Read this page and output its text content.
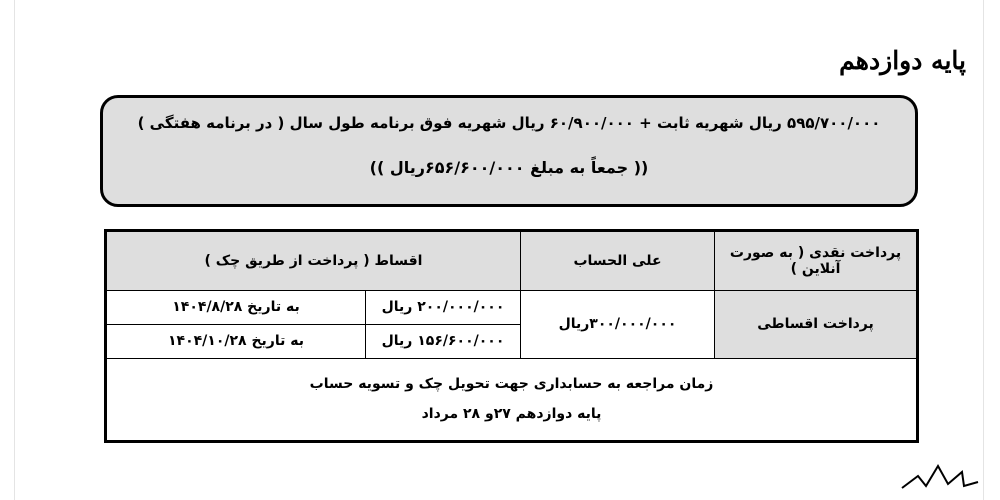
پایه دوازدهم
۵۹۵/۷۰۰/۰۰۰ ریال شهریه ثابت + ۶۰/۹۰۰/۰۰۰ ریال شهریه فوق برنامه طول سال ( در برنامه هفتگی )
(( جمعاً به مبلغ ۶۵۶/۶۰۰/۰۰۰ریال ))
پرداخت نقدی ( به صورت آنلاین )	علی الحساب	اقساط ( پرداخت از طریق چک )	
پرداخت اقساطی	۳۰۰/۰۰۰/۰۰۰ریال	۲۰۰/۰۰۰/۰۰۰ ریال	به تاریخ ۱۴۰۴/۸/۲۸
		۱۵۶/۶۰۰/۰۰۰ ریال	به تاریخ ۱۴۰۴/۱۰/۲۸

زمان مراجعه به حسابداری جهت تحویل چک و تسویه حساب
پایه دوازدهم ۲۷و ۲۸ مرداد			
